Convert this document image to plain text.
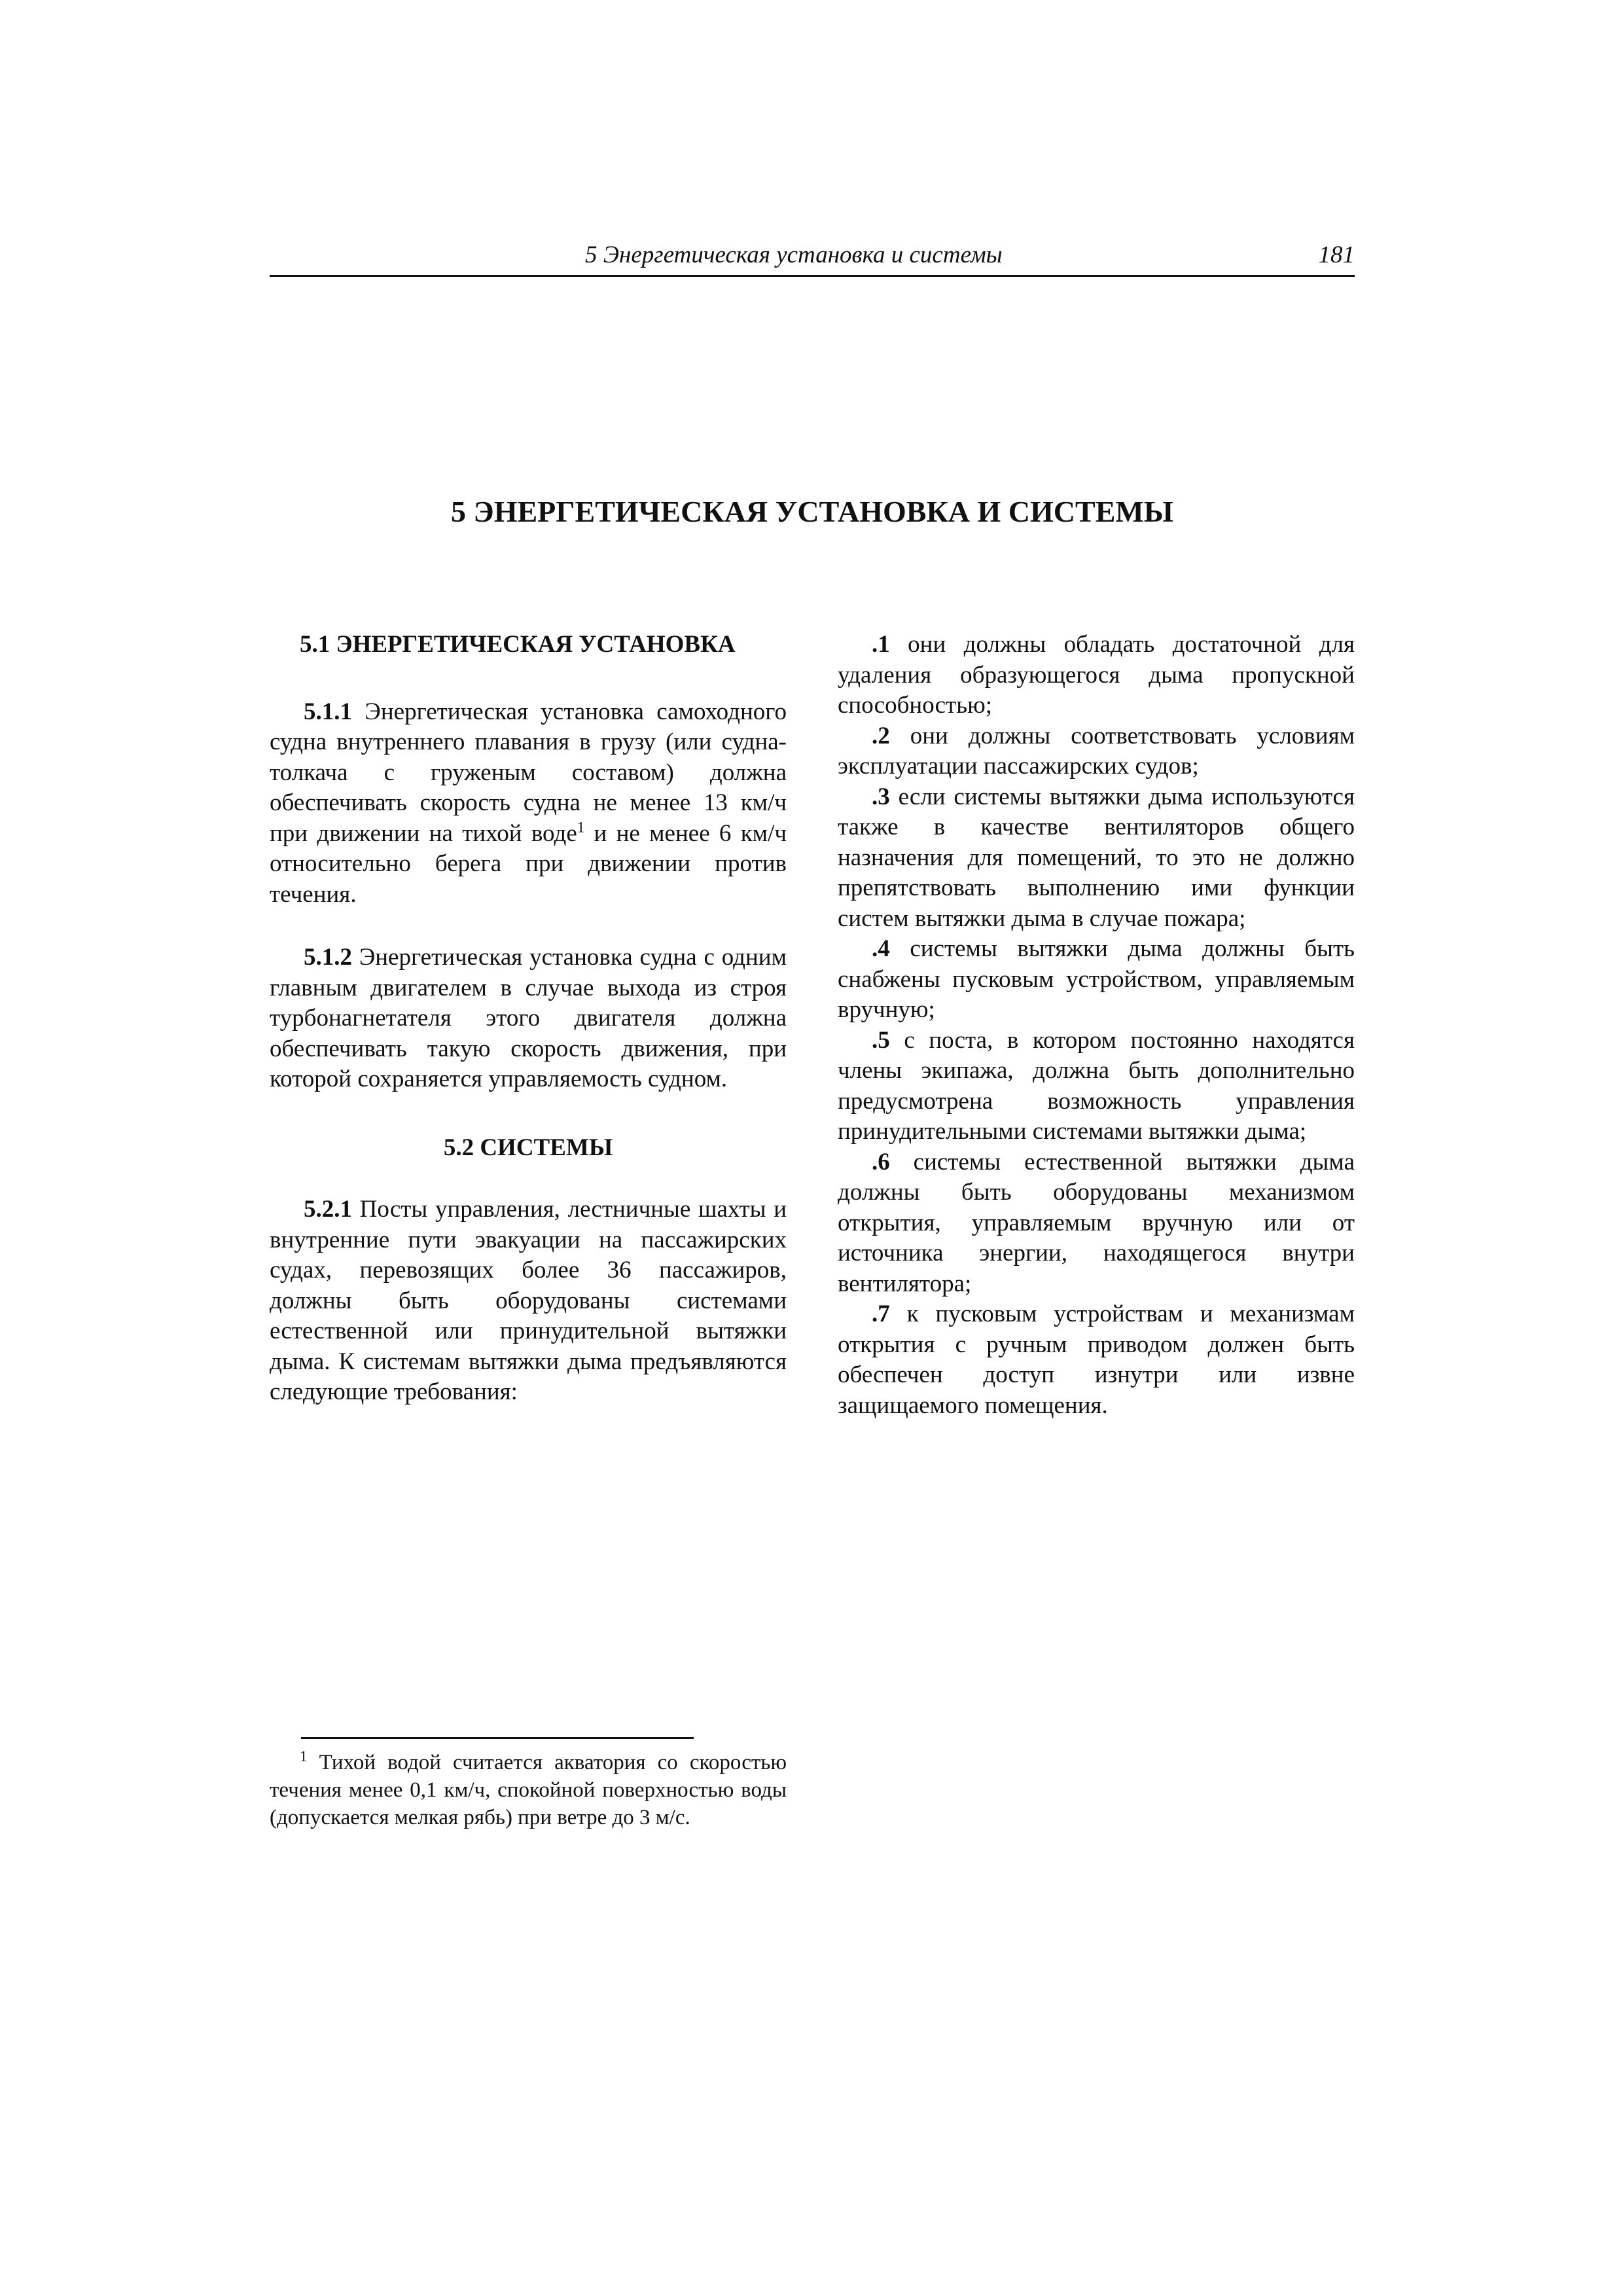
5 Энергетическая установка и системы	181
5 ЭНЕРГЕТИЧЕСКАЯ УСТАНОВКА И СИСТЕМЫ
5.1 ЭНЕРГЕТИЧЕСКАЯ УСТАНОВКА

5.1.1 Энергетическая установка самоходного судна внутреннего плавания в грузу (или судна-толкача с груженым составом) должна обеспечивать скорость судна не менее 13 км/ч при движении на тихой воде$^1$ и не менее 6 км/ч относительно берега при движении против течения.

5.1.2 Энергетическая установка судна с одним главным двигателем в случае выхода из строя турбонагнетателя этого двигателя должна обеспечивать такую скорость движения, при которой сохраняется управляемость судном.

5.2 СИСТЕМЫ

5.2.1 Посты управления, лестничные шахты и внутренние пути эвакуации на пассажирских судах, перевозящих более 36 пассажиров, должны быть оборудованы системами естественной или принудительной вытяжки дыма. К системам вытяжки дыма предъявляются следующие требования:

.1 они должны обладать достаточной для удаления образующегося дыма пропускной способностью;

.2 они должны соответствовать условиям эксплуатации пассажирских судов;

.3 если системы вытяжки дыма используются также в качестве вентиляторов общего назначения для помещений, то это не должно препятствовать выполнению ими функции систем вытяжки дыма в случае пожара;

.4 системы вытяжки дыма должны быть снабжены пусковым устройством, управляемым вручную;

.5 с поста, в котором постоянно находятся члены экипажа, должна быть дополнительно предусмотрена возможность управления принудительными системами вытяжки дыма;

.6 системы естественной вытяжки дыма должны быть оборудованы механизмом открытия, управляемым вручную или от источника энергии, находящегося внутри вентилятора;

.7 к пусковым устройствам и механизмам открытия с ручным приводом должен быть обеспечен доступ изнутри или извне защищаемого помещения.

$^1$ Тихой водой считается акватория со скоростью течения менее 0,1 км/ч, спокойной поверхностью воды (допускается мелкая рябь) при ветре до 3 м/с.
